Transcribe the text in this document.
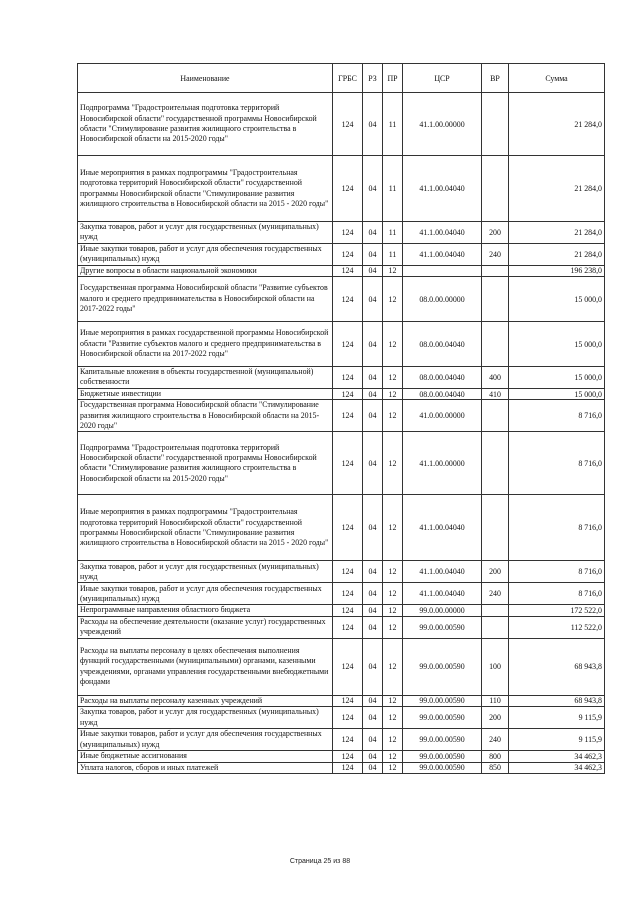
Наименование	ГРБС	РЗ	ПР	ЦСР	ВР	Сумма
Подпрограмма "Градостроительная подготовка территорий Новосибирской области" государственной программы Новосибирской области "Стимулирование развития жилищного строительства в Новосибирской области на 2015-2020 годы"	124	04	11	41.1.00.00000		21 284,0
Иные мероприятия в рамках подпрограммы "Градостроительная подготовка территорий Новосибирской области" государственной программы Новосибирской области "Стимулирование развития жилищного строительства в Новосибирской области на 2015 - 2020 годы"	124	04	11	41.1.00.04040		21 284,0
Закупка товаров, работ и услуг для государственных (муниципальных) нужд	124	04	11	41.1.00.04040	200	21 284,0
Иные закупки товаров, работ и услуг для обеспечения государственных (муниципальных) нужд	124	04	11	41.1.00.04040	240	21 284,0
Другие вопросы в области национальной экономики	124	04	12			196 238,0
Государственная программа Новосибирской области "Развитие субъектов малого и среднего предпринимательства в Новосибирской области на 2017-2022 годы"	124	04	12	08.0.00.00000		15 000,0
Иные мероприятия в рамках государственной программы Новосибирской области "Развитие субъектов малого и среднего предпринимательства в Новосибирской области на 2017-2022 годы"	124	04	12	08.0.00.04040		15 000,0
Капитальные вложения в объекты государственной (муниципальной) собственности	124	04	12	08.0.00.04040	400	15 000,0
Бюджетные инвестиции	124	04	12	08.0.00.04040	410	15 000,0
Государственная программа Новосибирской области "Стимулирование развития жилищного строительства в Новосибирской области на 2015-2020 годы"	124	04	12	41.0.00.00000		8 716,0
Подпрограмма "Градостроительная подготовка территорий Новосибирской области" государственной программы Новосибирской области "Стимулирование развития жилищного строительства в Новосибирской области на 2015-2020 годы"	124	04	12	41.1.00.00000		8 716,0
Иные мероприятия в рамках подпрограммы "Градостроительная подготовка территорий Новосибирской области" государственной программы Новосибирской области "Стимулирование развития жилищного строительства в Новосибирской области на 2015 - 2020 годы"	124	04	12	41.1.00.04040		8 716,0
Закупка товаров, работ и услуг для государственных (муниципальных) нужд	124	04	12	41.1.00.04040	200	8 716,0
Иные закупки товаров, работ и услуг для обеспечения государственных (муниципальных) нужд	124	04	12	41.1.00.04040	240	8 716,0
Непрограммные направления областного бюджета	124	04	12	99.0.00.00000		172 522,0
Расходы на обеспечение деятельности (оказание услуг) государственных учреждений	124	04	12	99.0.00.00590		112 522,0
Расходы на выплаты персоналу в целях обеспечения выполнения функций государственными (муниципальными) органами, казенными учреждениями, органами управления государственными внебюджетными фондами	124	04	12	99.0.00.00590	100	68 943,8
Расходы на выплаты персоналу казенных учреждений	124	04	12	99.0.00.00590	110	68 943,8
Закупка товаров, работ и услуг для государственных (муниципальных) нужд	124	04	12	99.0.00.00590	200	9 115,9
Иные закупки товаров, работ и услуг для обеспечения государственных (муниципальных) нужд	124	04	12	99.0.00.00590	240	9 115,9
Иные бюджетные ассигнования	124	04	12	99.0.00.00590	800	34 462,3
Уплата налогов, сборов и иных платежей	124	04	12	99.0.00.00590	850	34 462,3
Страница 25 из 88
